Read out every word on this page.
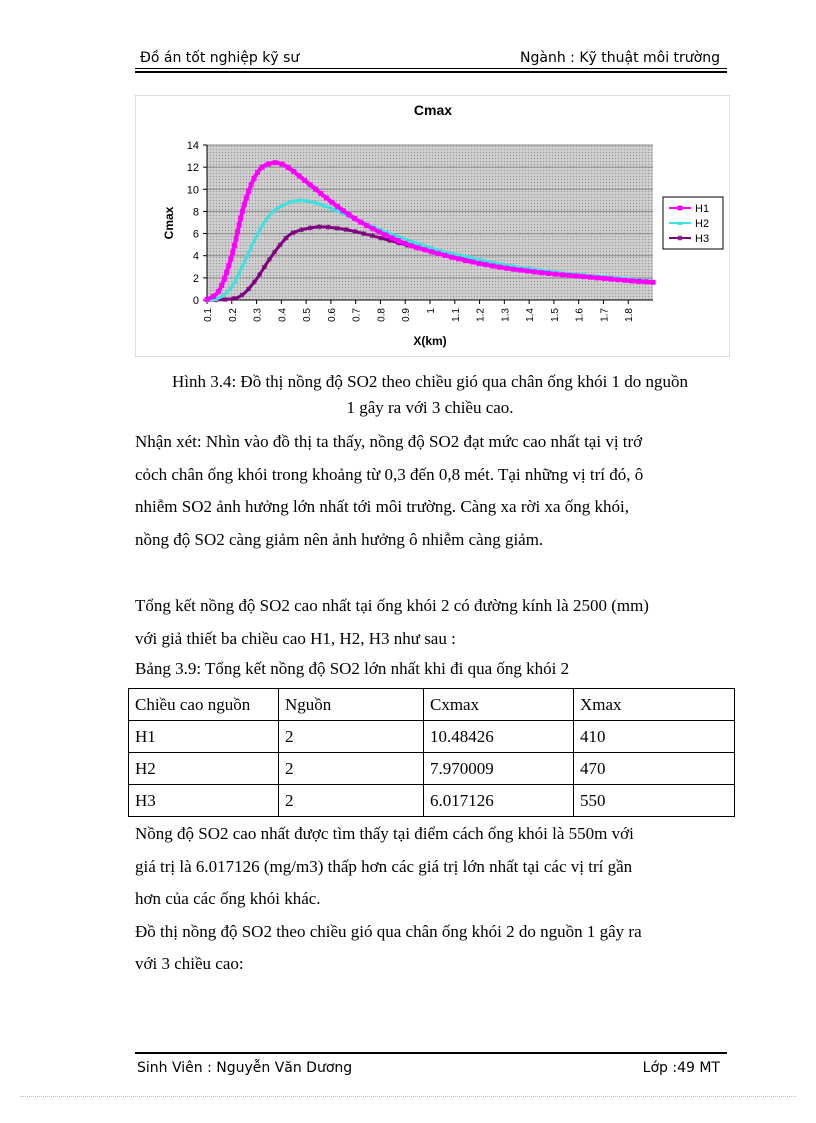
Đồ án tốt nghiệp kỹ sư	Ngành : Kỹ thuật môi trường
0
2
4
6
8
10
12
14
0.1 0.2 0.3 0.4 0.5 0.6 0.7 0.8 0.9 1 1.1 1.2 1.3 1.4 1.5 1.6 1.7 1.8
H1
H2
H3
Cmax
X(km)
Cmax
Hình 3.4: Đồ thị nồng độ SO2 theo chiều gió qua chân ống khói 1 do nguồn
1 gây ra với 3 chiều cao.

Nhận xét: Nhìn vào đồ thị ta thấy, nồng độ SO2 đạt mức cao nhất tại vị trớ

cỏch chân ống khói trong khoảng từ 0,3 đến 0,8 mét. Tại những vị trí đó, ô

nhiễm SO2 ảnh hưởng lớn nhất tới môi trường. Càng xa rời xa ống khói,

nồng độ SO2 càng giảm nên ảnh hưởng ô nhiễm càng giảm.

Tổng kết nồng độ SO2 cao nhất tại ống khói 2 có đường kính là 2500 (mm)

với giả thiết ba chiều cao H1, H2, H3 như sau :

Bảng 3.9: Tổng kết nồng độ SO2 lớn nhất khi đi qua ống khói 2

Chiều cao nguồn	Nguồn	Cxmax	Xmax
H1	2	10.48426	410
H2	2	7.970009	470
H3	2	6.017126	550

Nồng độ SO2 cao nhất được tìm thấy tại điểm cách ống khói là 550m với

giá trị là 6.017126 (mg/m3) thấp hơn các giá trị lớn nhất tại các vị trí gần

hơn của các ống khói khác.

Đồ thị nồng độ SO2 theo chiều gió qua chân ống khói 2 do nguồn 1 gây ra

với 3 chiều cao:

Sinh Viên : Nguyễn Văn Dương	Lớp :49 MT
